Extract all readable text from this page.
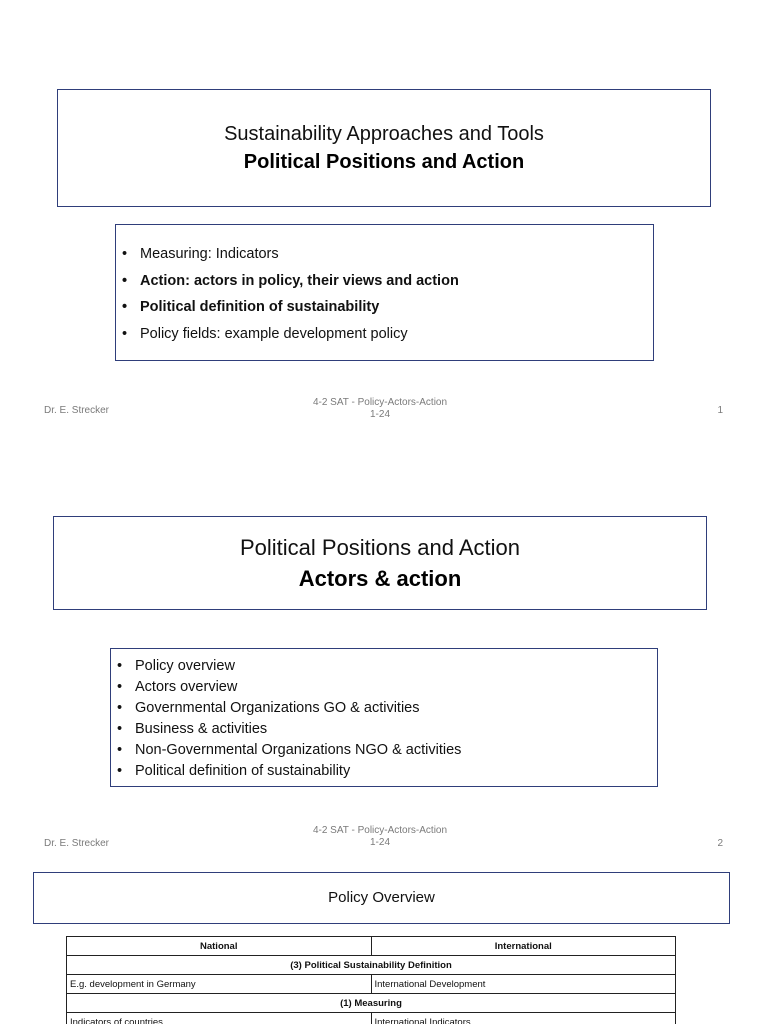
Sustainability Approaches and Tools
Political Positions and Action
• Measuring: Indicators
• Action: actors in policy, their views and action
• Political definition of sustainability
• Policy fields: example development policy
Dr. E. Strecker
4-2 SAT - Policy-Actors-Action
1-24	1
Political Positions and Action
Actors & action
• Policy overview
• Actors overview
• Governmental Organizations GO & activities
• Business & activities
• Non-Governmental Organizations NGO & activities
• Political definition of sustainability
Dr. E. Strecker
4-2 SAT - Policy-Actors-Action
1-24	2
Policy Overview
National	International
(3) Political Sustainability Definition	
E.g. development in Germany	International Development
(1) Measuring	
Indicators of countries	International Indicators
